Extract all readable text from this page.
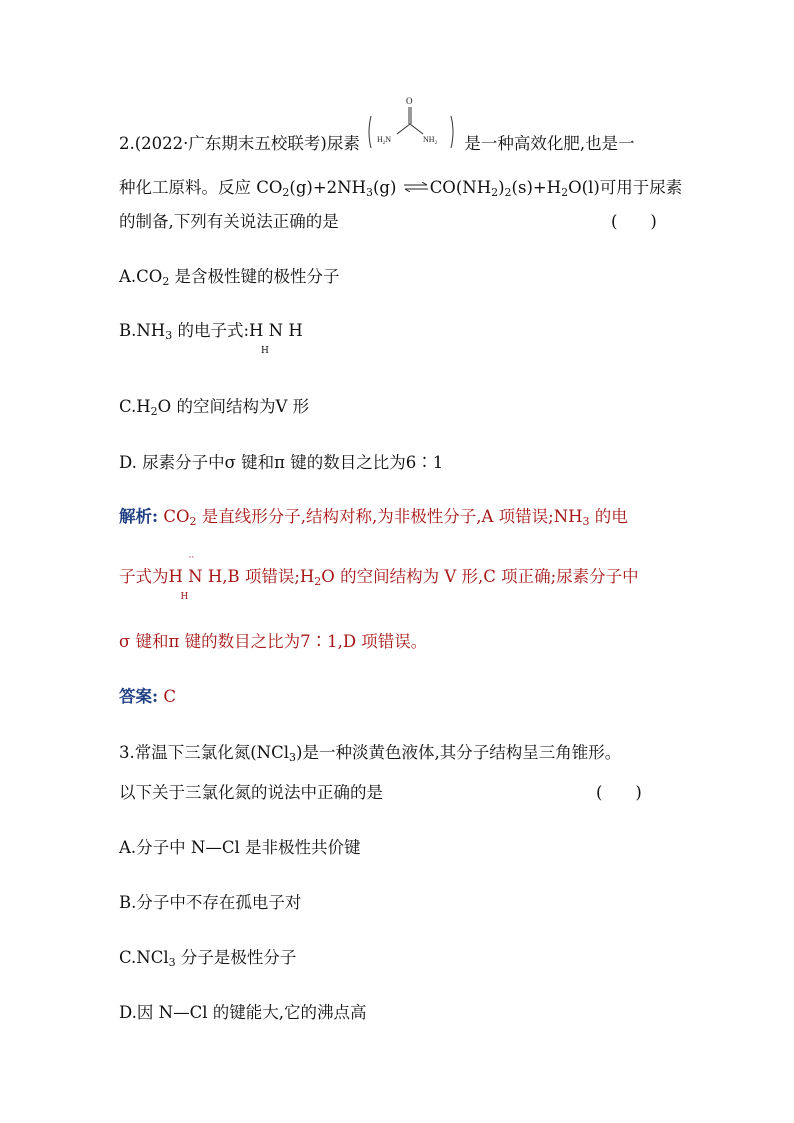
2.(2022·广东期末五校联考)尿素
O
$H_2N$	$NH_2$ 是一种高效化肥,也是一
种化工原料。反应 $CO_2(g)+2NH_3(g)$ $\rightleftharpoons CO(NH_2)_2(s)+H_2O(l)$可用于尿素
的制备,下列有关说法正确的是	(　　)
$A.CO_2$ 是含极性键的极性分子
$B.NH_3$ 的电子式:H N H
H
$C.H_2O$ 的空间结构为V 形
D. 尿素分子中σ 键和π 键的数目之比为6∶1
解析: $CO_2$ 是直线形分子,结构对称,为非极性分子,A 项错误$;NH_3$ 的电
子式为
··
H N H
H
,B 项错误$;H_2O$ 的空间结构为 V 形,C 项正确;尿素分子中
σ 键和π 键的数目之比为7∶1,D 项错误。
答案: C
3.常温下三氯化氮(NCl$_3$)是一种淡黄色液体,其分子结构呈三角锥形。
以下关于三氯化氮的说法中正确的是	(　　)
A.分子中 N—Cl 是非极性共价键
B.分子中不存在孤电子对
C.NCl$_3$ 分子是极性分子
D.因 N—Cl 的键能大,它的沸点高
